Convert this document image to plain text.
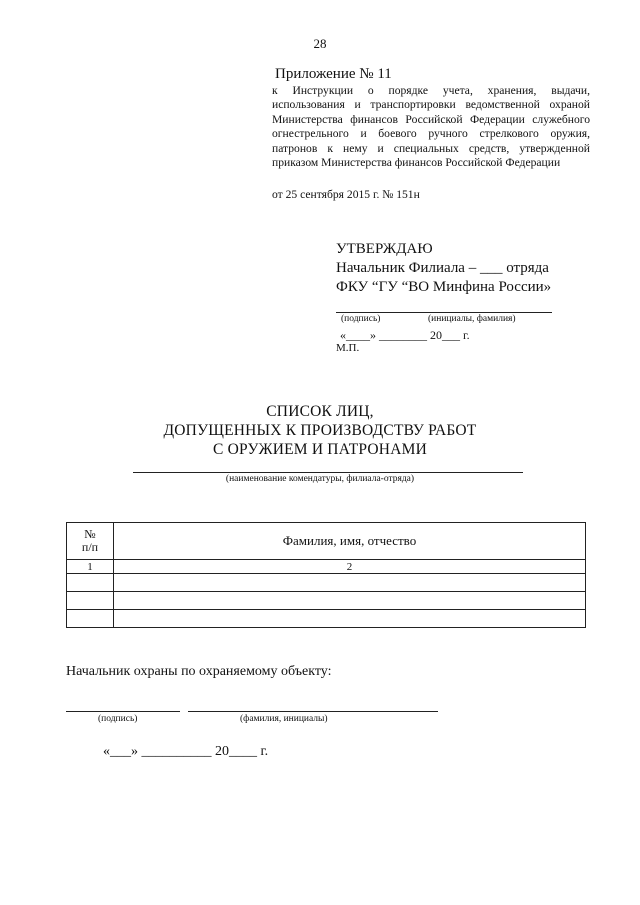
28
Приложение № 11
к Инструкции о порядке учета, хранения, выдачи, использования и транспортировки ведомственной охраной Министерства финансов Российской Федерации служебного огнестрельного и боевого ручного стрелкового оружия, патронов к нему и специальных средств, утвержденной приказом Министерства финансов Российской Федерации
от 25 сентября 2015 г. № 151н
УТВЕРЖДАЮ
Начальник Филиала – ___ отряда
ФКУ “ГУ “ВО Минфина России»
(подпись)	(инициалы, фамилия)
«____» ________ 20___ г.
М.П.
СПИСОК ЛИЦ,
ДОПУЩЕННЫХ К ПРОИЗВОДСТВУ РАБОТ
С ОРУЖИЕМ И ПАТРОНАМИ
(наименование комендатуры, филиала-отряда)
№
п/п	Фамилия, имя, отчество
1	2

Начальник охраны по охраняемому объекту:
(подпись)	(фамилия, инициалы)
«___» __________ 20____ г.
